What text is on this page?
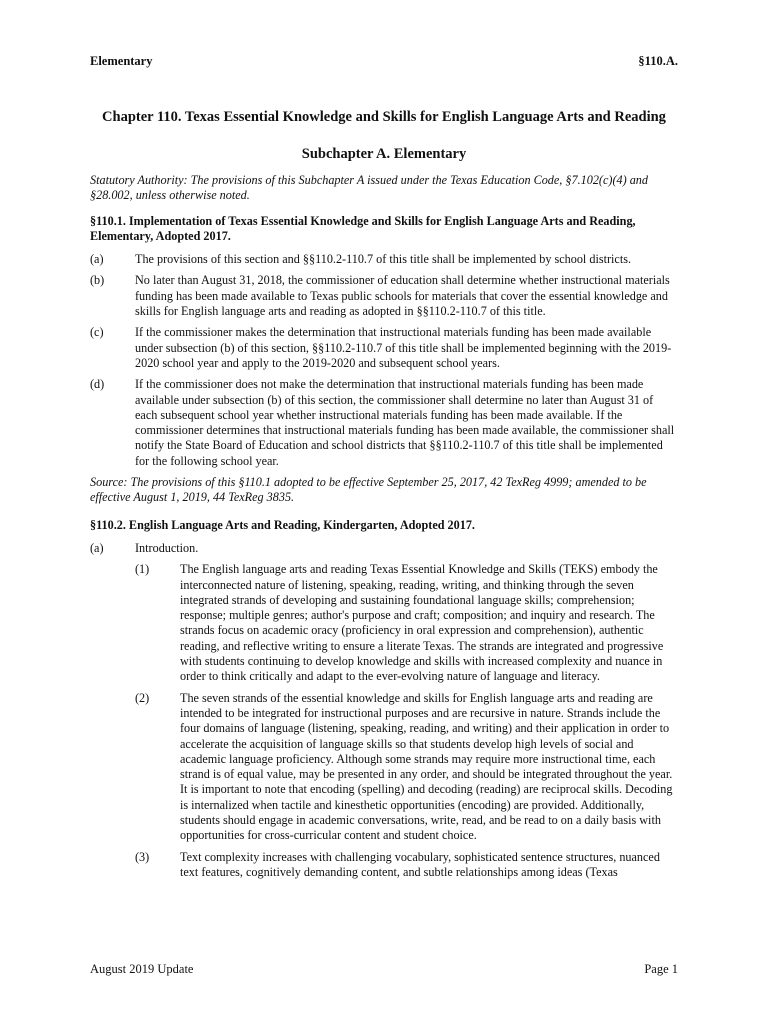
Elementary	§110.A.
Chapter 110. Texas Essential Knowledge and Skills for English Language Arts and Reading
Subchapter A. Elementary
Statutory Authority: The provisions of this Subchapter A issued under the Texas Education Code, §7.102(c)(4) and §28.002, unless otherwise noted.
§110.1. Implementation of Texas Essential Knowledge and Skills for English Language Arts and Reading, Elementary, Adopted 2017.
(a)	The provisions of this section and §§110.2-110.7 of this title shall be implemented by school districts.
(b)	No later than August 31, 2018, the commissioner of education shall determine whether instructional materials funding has been made available to Texas public schools for materials that cover the essential knowledge and skills for English language arts and reading as adopted in §§110.2-110.7 of this title.
(c)	If the commissioner makes the determination that instructional materials funding has been made available under subsection (b) of this section, §§110.2-110.7 of this title shall be implemented beginning with the 2019-2020 school year and apply to the 2019-2020 and subsequent school years.
(d)	If the commissioner does not make the determination that instructional materials funding has been made available under subsection (b) of this section, the commissioner shall determine no later than August 31 of each subsequent school year whether instructional materials funding has been made available. If the commissioner determines that instructional materials funding has been made available, the commissioner shall notify the State Board of Education and school districts that §§110.2-110.7 of this title shall be implemented for the following school year.
Source: The provisions of this §110.1 adopted to be effective September 25, 2017, 42 TexReg 4999; amended to be effective August 1, 2019, 44 TexReg 3835.
§110.2. English Language Arts and Reading, Kindergarten, Adopted 2017.
(a)	Introduction.
(1)	The English language arts and reading Texas Essential Knowledge and Skills (TEKS) embody the interconnected nature of listening, speaking, reading, writing, and thinking through the seven integrated strands of developing and sustaining foundational language skills; comprehension; response; multiple genres; author's purpose and craft; composition; and inquiry and research. The strands focus on academic oracy (proficiency in oral expression and comprehension), authentic reading, and reflective writing to ensure a literate Texas. The strands are integrated and progressive with students continuing to develop knowledge and skills with increased complexity and nuance in order to think critically and adapt to the ever-evolving nature of language and literacy.
(2)	The seven strands of the essential knowledge and skills for English language arts and reading are intended to be integrated for instructional purposes and are recursive in nature. Strands include the four domains of language (listening, speaking, reading, and writing) and their application in order to accelerate the acquisition of language skills so that students develop high levels of social and academic language proficiency. Although some strands may require more instructional time, each strand is of equal value, may be presented in any order, and should be integrated throughout the year. It is important to note that encoding (spelling) and decoding (reading) are reciprocal skills. Decoding is internalized when tactile and kinesthetic opportunities (encoding) are provided. Additionally, students should engage in academic conversations, write, read, and be read to on a daily basis with opportunities for cross-curricular content and student choice.
(3)	Text complexity increases with challenging vocabulary, sophisticated sentence structures, nuanced text features, cognitively demanding content, and subtle relationships among ideas (Texas
August 2019 Update	Page 1
